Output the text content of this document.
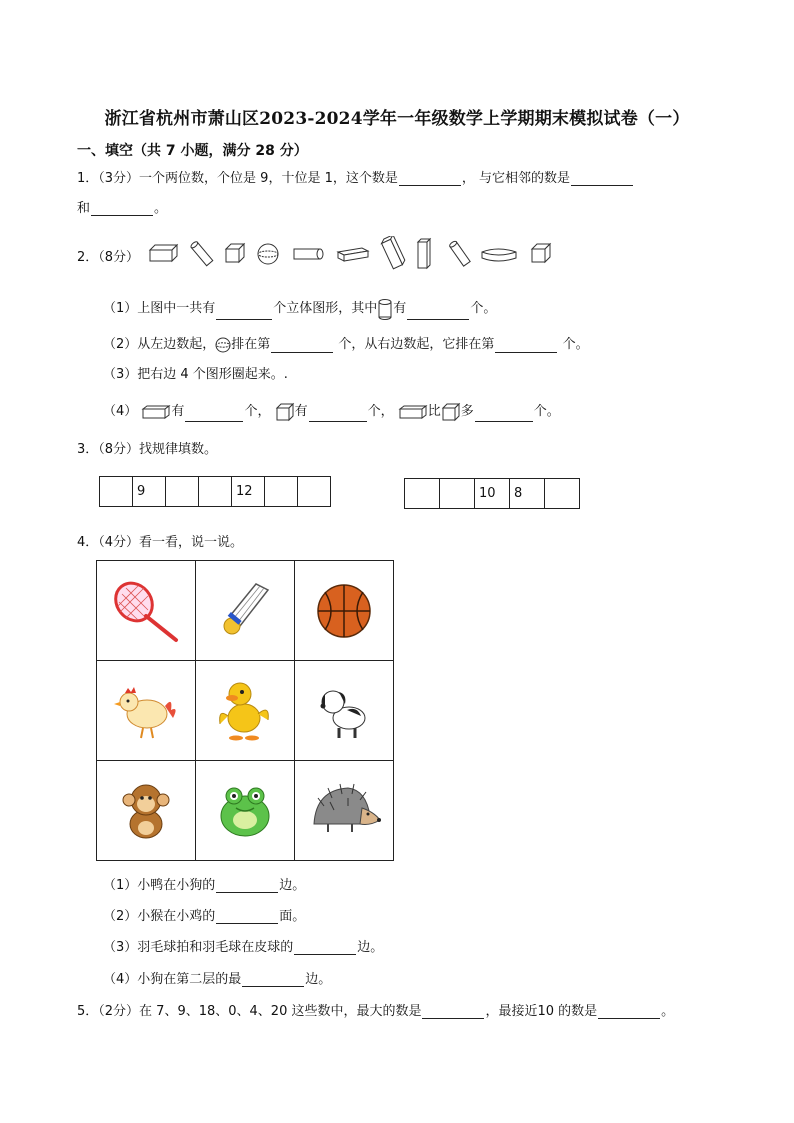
浙江省杭州市萧山区2023-2024学年一年级数学上学期期末模拟试卷（一）
一、填空（共 7 小题，满分 28 分）
1．（3分）一个两位数，个位是 9，十位是 1，这个数是	， 与它相邻的数是
和	。
2．（8分）
（1）上图中一共有	个立体图形，其中 有	个。
（2）从左边数起， 排在第	个，从右边数起，它排在第	个。
（3）把右边 4 个图形圈起来。.
（4）	有	个， 有	个，	比 多	个。
3．（8分）找规律填数。
	9			12		
			10	8	
4．（4分）看一看，说一说。

（1）小鸭在小狗的	边。
（2）小猴在小鸡的	面。
（3）羽毛球拍和羽毛球在皮球的	边。
（4）小狗在第二层的最	边。
5．（2分）在 7、9、18、0、4、20 这些数中，最大的数是	，最接近10 的数是	。
